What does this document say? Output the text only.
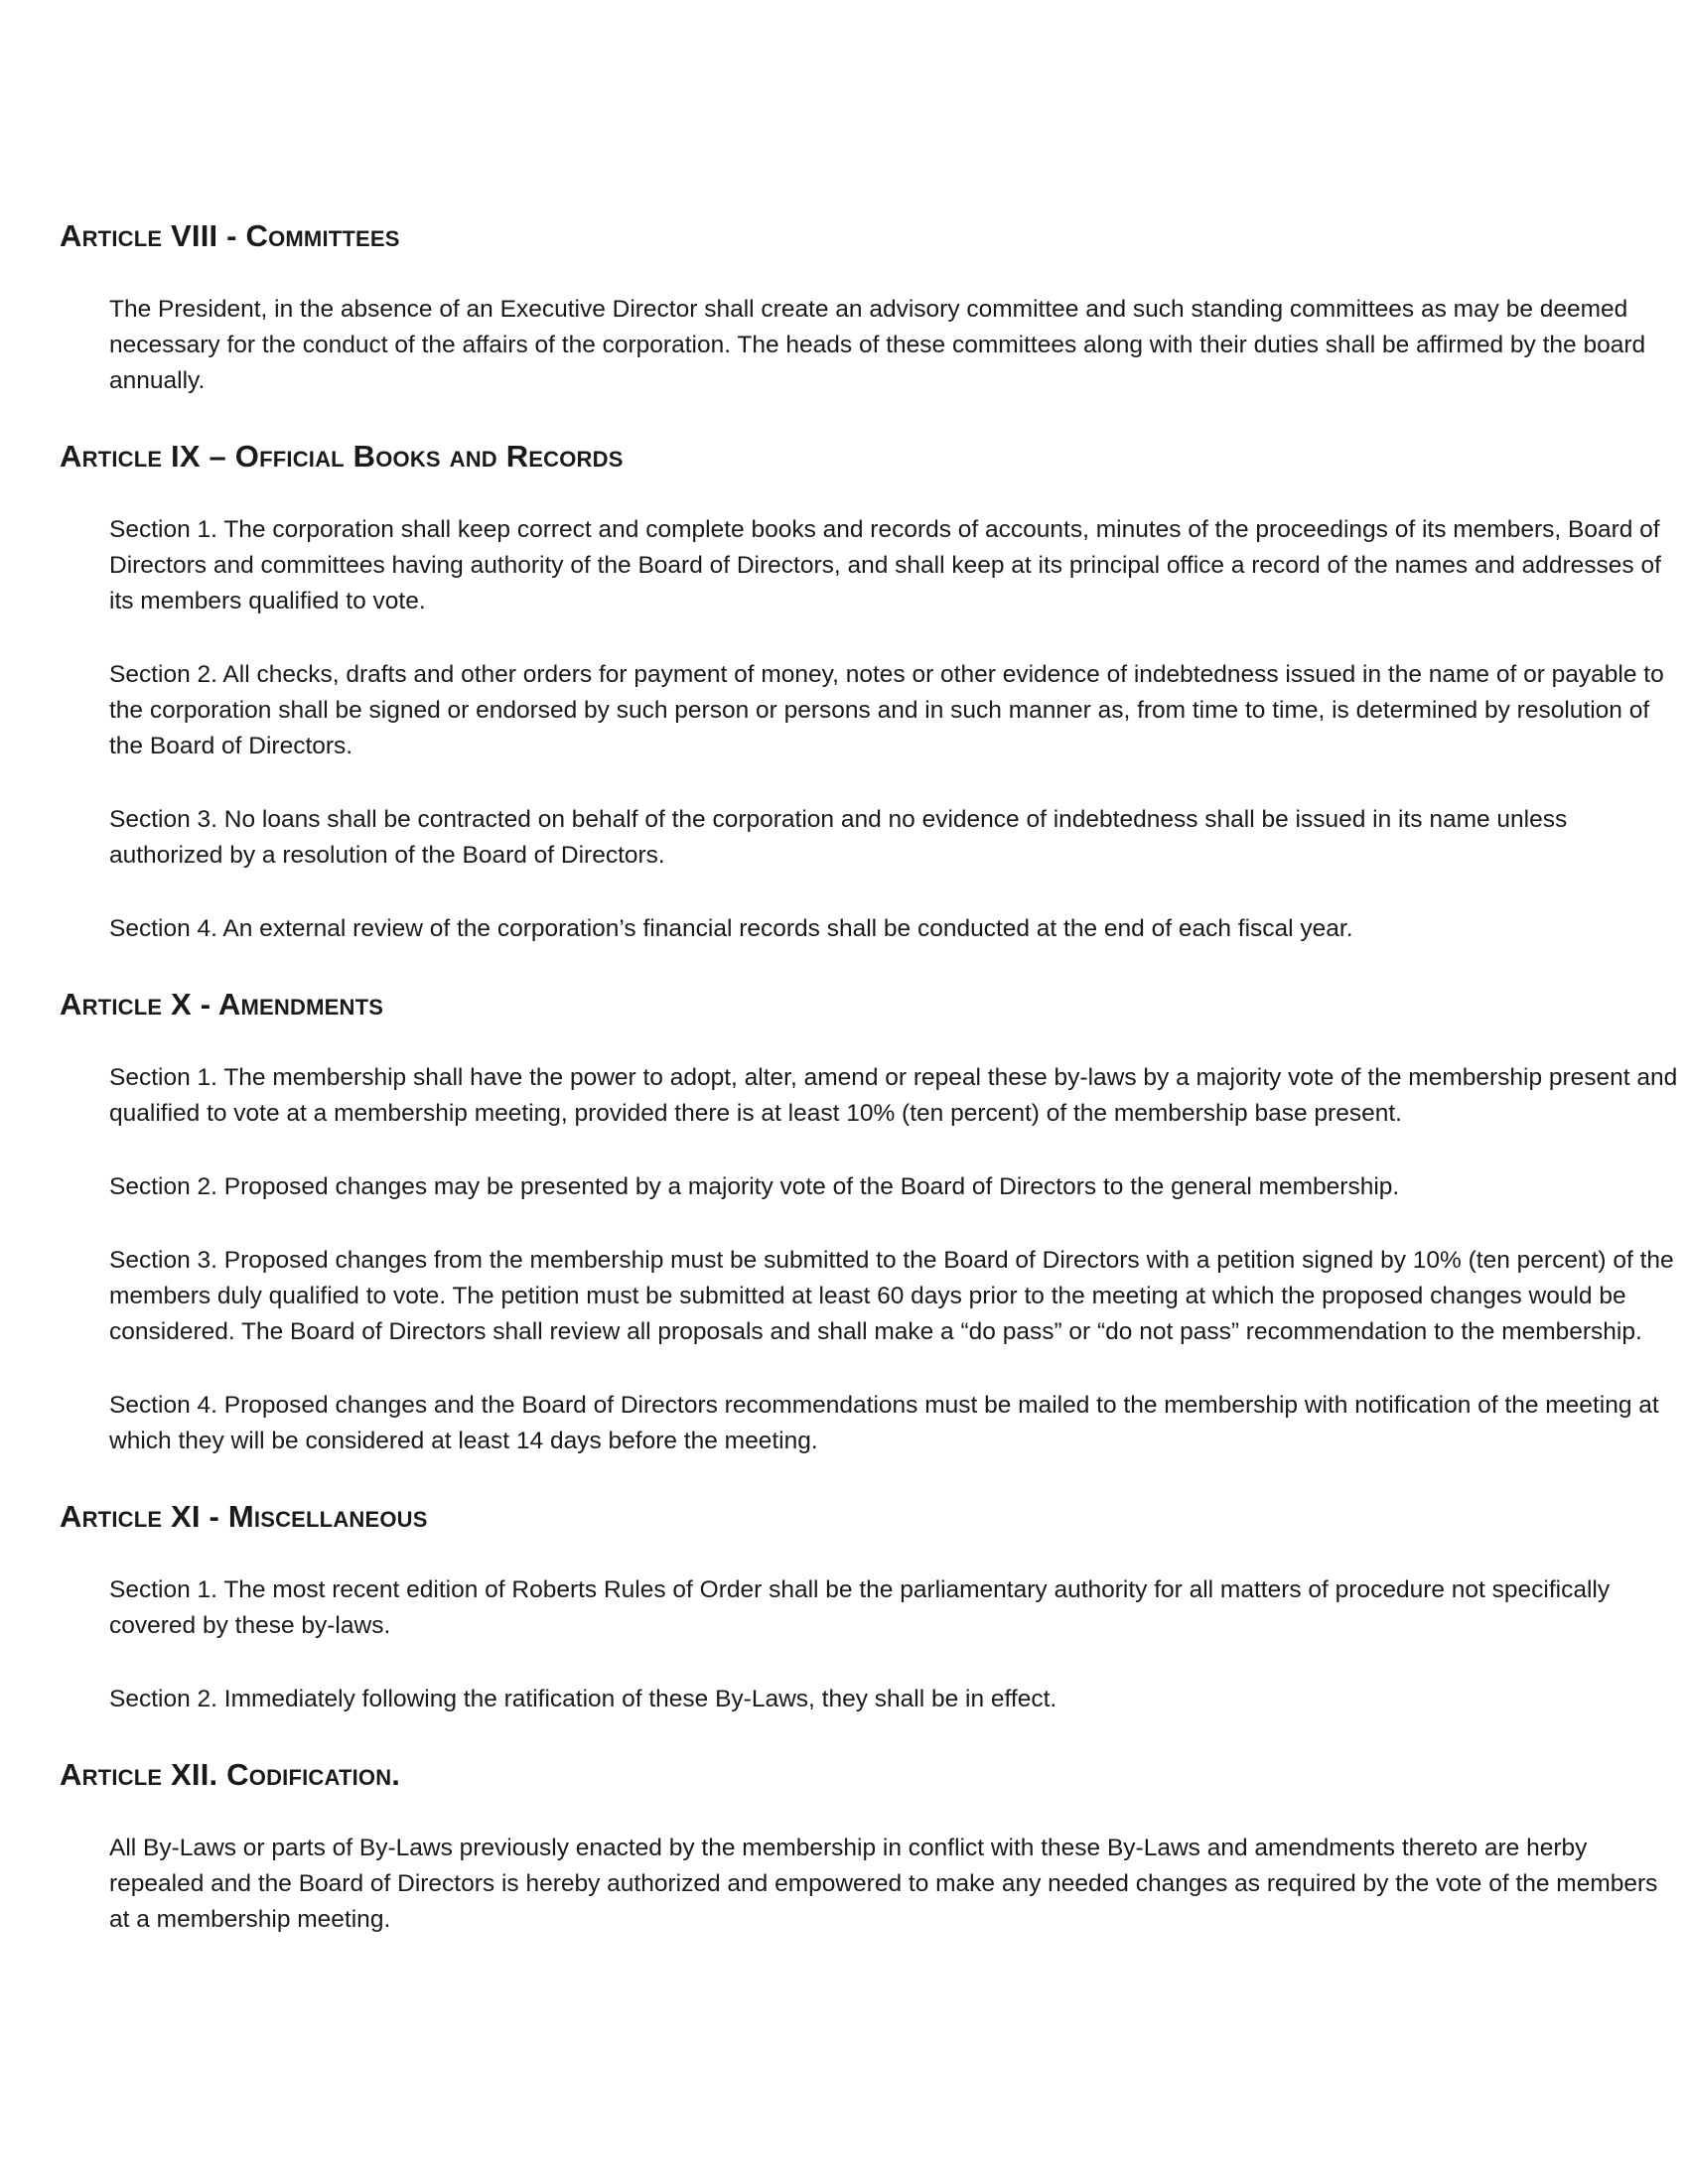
Article VIII - Committees

The President, in the absence of an Executive Director shall create an advisory committee and such standing committees as may be deemed necessary for the conduct of the affairs of the corporation. The heads of these committees along with their duties shall be affirmed by the board annually.

Article IX – Official Books and Records

Section 1. The corporation shall keep correct and complete books and records of accounts, minutes of the proceedings of its members, Board of Directors and committees having authority of the Board of Directors, and shall keep at its principal office a record of the names and addresses of its members qualified to vote.

Section 2. All checks, drafts and other orders for payment of money, notes or other evidence of indebtedness issued in the name of or payable to the corporation shall be signed or endorsed by such person or persons and in such manner as, from time to time, is determined by resolution of the Board of Directors.

Section 3. No loans shall be contracted on behalf of the corporation and no evidence of indebtedness shall be issued in its name unless authorized by a resolution of the Board of Directors.

Section 4. An external review of the corporation’s financial records shall be conducted at the end of each fiscal year.

Article X - Amendments

Section 1. The membership shall have the power to adopt, alter, amend or repeal these by-laws by a majority vote of the membership present and qualified to vote at a membership meeting, provided there is at least 10% (ten percent) of the membership base present.

Section 2. Proposed changes may be presented by a majority vote of the Board of Directors to the general membership.

Section 3. Proposed changes from the membership must be submitted to the Board of Directors with a petition signed by 10% (ten percent) of the members duly qualified to vote. The petition must be submitted at least 60 days prior to the meeting at which the proposed changes would be considered. The Board of Directors shall review all proposals and shall make a “do pass” or “do not pass” recommendation to the membership.

Section 4. Proposed changes and the Board of Directors recommendations must be mailed to the membership with notification of the meeting at which they will be considered at least 14 days before the meeting.

Article XI - Miscellaneous

Section 1. The most recent edition of Roberts Rules of Order shall be the parliamentary authority for all matters of procedure not specifically covered by these by-laws.

Section 2. Immediately following the ratification of these By-Laws, they shall be in effect.

Article XII. Codification.

All By-Laws or parts of By-Laws previously enacted by the membership in conflict with these By-Laws and amendments thereto are herby repealed and the Board of Directors is hereby authorized and empowered to make any needed changes as required by the vote of the members at a membership meeting.
